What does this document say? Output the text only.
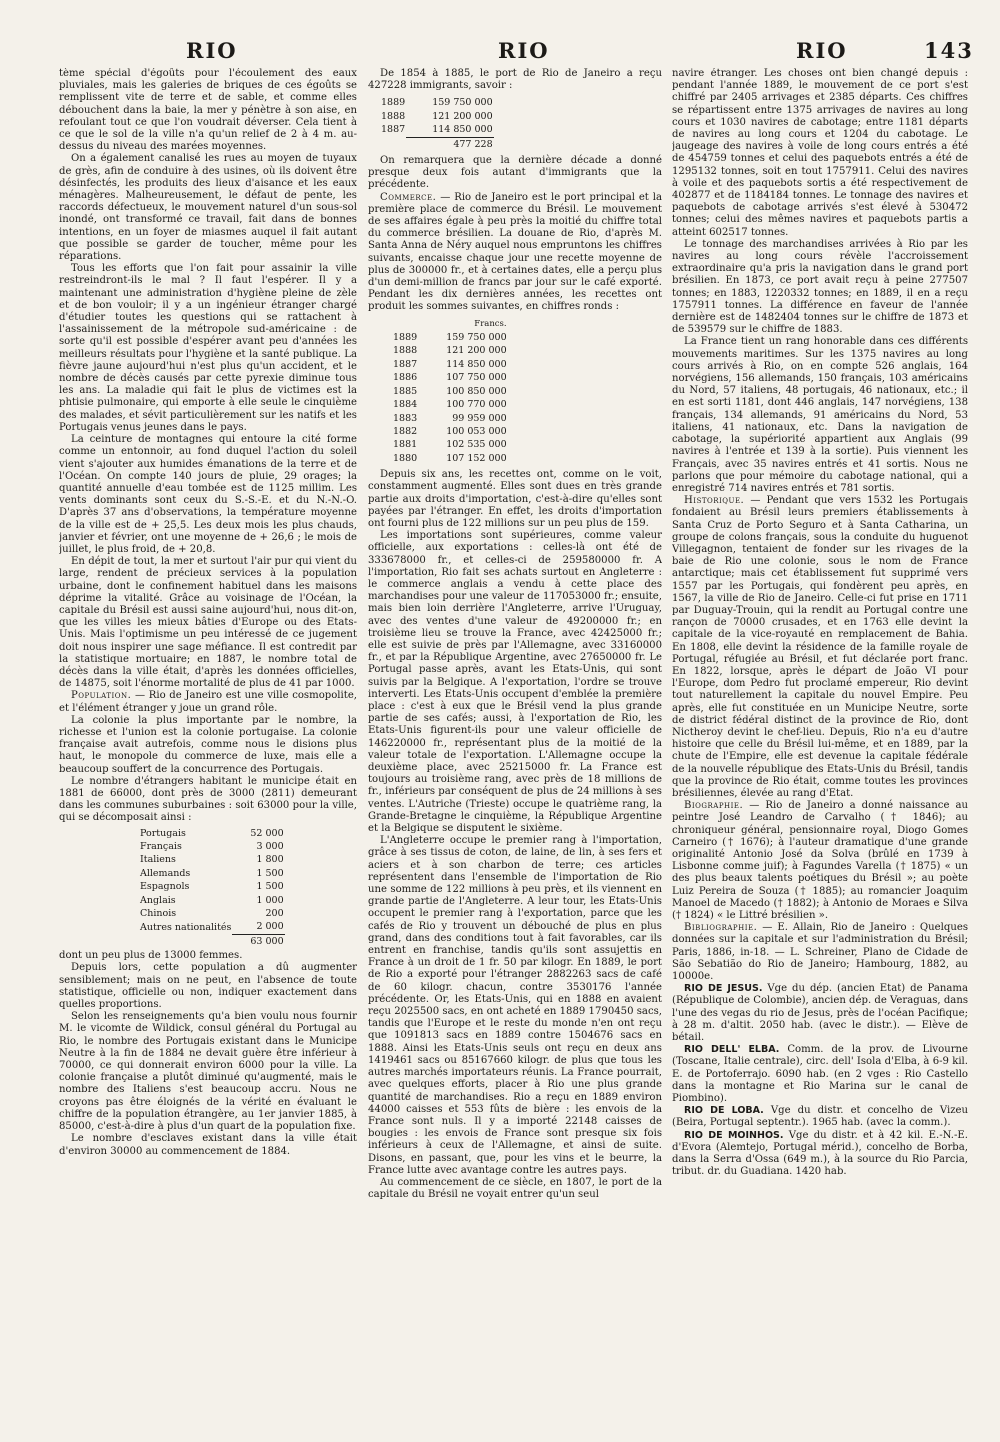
RIO	RIO	RIO	143

tème spécial d'égoûts pour l'écoulement des eaux pluviales, mais les galeries de briques de ces égoûts se remplissent vite de terre et de sable, et comme elles débouchent dans la baie, la mer y pénètre à son aise, en refoulant tout ce que l'on voudrait déverser. Cela tient à ce que le sol de la ville n'a qu'un relief de 2 à 4 m. au-dessus du niveau des marées moyennes.

On a également canalisé les rues au moyen de tuyaux de grès, afin de conduire à des usines, où ils doivent être désinfectés, les produits des lieux d'aisance et les eaux ménagères. Malheureusement, le défaut de pente, les raccords défectueux, le mouvement naturel d'un sous-sol inondé, ont transformé ce travail, fait dans de bonnes intentions, en un foyer de miasmes auquel il fait autant que possible se garder de toucher, même pour les réparations.

Tous les efforts que l'on fait pour assainir la ville restreindront-ils le mal ? Il faut l'espérer. Il y a maintenant une administration d'hygiène pleine de zèle et de bon vouloir; il y a un ingénieur étranger chargé d'étudier toutes les questions qui se rattachent à l'assainissement de la métropole sud-américaine : de sorte qu'il est possible d'espérer avant peu d'années les meilleurs résultats pour l'hygiène et la santé publique. La fièvre jaune aujourd'hui n'est plus qu'un accident, et le nombre de décès causés par cette pyrexie diminue tous les ans. La maladie qui fait le plus de victimes est la phtisie pulmonaire, qui emporte à elle seule le cinquième des malades, et sévit particulièrement sur les natifs et les Portugais venus jeunes dans le pays.

La ceinture de montagnes qui entoure la cité forme comme un entonnoir, au fond duquel l'action du soleil vient s'ajouter aux humides émanations de la terre et de l'Océan. On compte 140 jours de pluie, 29 orages; la quantité annuelle d'eau tombée est de 1125 millim. Les vents dominants sont ceux du S.-S.-E. et du N.-N.-O. D'après 37 ans d'observations, la température moyenne de la ville est de + 25,5. Les deux mois les plus chauds, janvier et février, ont une moyenne de + 26,6 ; le mois de juillet, le plus froid, de + 20,8.

En dépit de tout, la mer et surtout l'air pur qui vient du large, rendent de précieux services à la population urbaine, dont le confinement habituel dans les maisons déprime la vitalité. Grâce au voisinage de l'Océan, la capitale du Brésil est aussi saine aujourd'hui, nous dit-on, que les villes les mieux bâties d'Europe ou des Etats-Unis. Mais l'optimisme un peu intéressé de ce jugement doit nous inspirer une sage méfiance. Il est contredit par la statistique mortuaire; en 1887, le nombre total de décès dans la ville était, d'après les données officielles, de 14875, soit l'énorme mortalité de plus de 41 par 1000.

Population. — Rio de Janeiro est une ville cosmopolite, et l'élément étranger y joue un grand rôle.

La colonie la plus importante par le nombre, la richesse et l'union est la colonie portugaise. La colonie française avait autrefois, comme nous le disions plus haut, le monopole du commerce de luxe, mais elle a beaucoup souffert de la concurrence des Portugais.

Le nombre d'étrangers habitant le municipe était en 1881 de 66000, dont près de 3000 (2811) demeurant dans les communes suburbaines : soit 63000 pour la ville, qui se décomposait ainsi :

Portugais	52 000
Français	3 000
Italiens	1 800
Allemands	1 500
Espagnols	1 500
Anglais	1 000
Chinois	200
Autres nationalités	2 000
	63 000

dont un peu plus de 13000 femmes.

Depuis lors, cette population a dû augmenter sensiblement; mais on ne peut, en l'absence de toute statistique, officielle ou non, indiquer exactement dans quelles proportions.

Selon les renseignements qu'a bien voulu nous fournir M. le vicomte de Wildick, consul général du Portugal au Rio, le nombre des Portugais existant dans le Municipe Neutre à la fin de 1884 ne devait guère être inférieur à 70000, ce qui donnerait environ 6000 pour la ville. La colonie française a plutôt diminué qu'augmenté, mais le nombre des Italiens s'est beaucoup accru. Nous ne croyons pas être éloignés de la vérité en évaluant le chiffre de la population étrangère, au 1er janvier 1885, à 85000, c'est-à-dire à plus d'un quart de la population fixe.

Le nombre d'esclaves existant dans la ville était d'environ 30000 au commencement de 1884.

De 1854 à 1885, le port de Rio de Janeiro a reçu 427228 immigrants, savoir :

1889	159 750 000
1888	121 200 000
1887	114 850 000
	477 228

On remarquera que la dernière décade a donné presque deux fois autant d'immigrants que la précédente.

Commerce. — Rio de Janeiro est le port principal et la première place de commerce du Brésil. Le mouvement de ses affaires égale à peu près la moitié du chiffre total du commerce brésilien. La douane de Rio, d'après M. Santa Anna de Néry auquel nous empruntons les chiffres suivants, encaisse chaque jour une recette moyenne de plus de 300000 fr., et à certaines dates, elle a perçu plus d'un demi-million de francs par jour sur le café exporté. Pendant les dix dernières années, les recettes ont produit les sommes suivantes, en chiffres ronds :

	Francs.
1889	159 750 000
1888	121 200 000
1887	114 850 000
1886	107 750 000
1885	100 850 000
1884	100 770 000
1883	99 959 000
1882	100 053 000
1881	102 535 000
1880	107 152 000

Depuis six ans, les recettes ont, comme on le voit, constamment augmenté. Elles sont dues en très grande partie aux droits d'importation, c'est-à-dire qu'elles sont payées par l'étranger. En effet, les droits d'importation ont fourni plus de 122 millions sur un peu plus de 159.

Les importations sont supérieures, comme valeur officielle, aux exportations : celles-là ont été de 333678000 fr., et celles-ci de 259580000 fr. A l'importation, Rio fait ses achats surtout en Angleterre : le commerce anglais a vendu à cette place des marchandises pour une valeur de 117053000 fr.; ensuite, mais bien loin derrière l'Angleterre, arrive l'Uruguay, avec des ventes d'une valeur de 49200000 fr.; en troisième lieu se trouve la France, avec 42425000 fr.; elle est suivie de près par l'Allemagne, avec 33160000 fr., et par la République Argentine, avec 27650000 fr. Le Portugal passe après, avant les Etats-Unis, qui sont suivis par la Belgique. A l'exportation, l'ordre se trouve interverti. Les Etats-Unis occupent d'emblée la première place : c'est à eux que le Brésil vend la plus grande partie de ses cafés; aussi, à l'exportation de Rio, les Etats-Unis figurent-ils pour une valeur officielle de 146220000 fr., représentant plus de la moitié de la valeur totale de l'exportation. L'Allemagne occupe la deuxième place, avec 25215000 fr. La France est toujours au troisième rang, avec près de 18 millions de fr., inférieurs par conséquent de plus de 24 millions à ses ventes. L'Autriche (Trieste) occupe le quatrième rang, la Grande-Bretagne le cinquième, la République Argentine et la Belgique se disputent le sixième.

L'Angleterre occupe le premier rang à l'importation, grâce à ses tissus de coton, de laine, de lin, à ses fers et aciers et à son charbon de terre; ces articles représentent dans l'ensemble de l'importation de Rio une somme de 122 millions à peu près, et ils viennent en grande partie de l'Angleterre. A leur tour, les Etats-Unis occupent le premier rang à l'exportation, parce que les cafés de Rio y trouvent un débouché de plus en plus grand, dans des conditions tout à fait favorables, car ils entrent en franchise, tandis qu'ils sont assujettis en France à un droit de 1 fr. 50 par kilogr. En 1889, le port de Rio a exporté pour l'étranger 2882263 sacs de café de 60 kilogr. chacun, contre 3530176 l'année précédente. Or, les Etats-Unis, qui en 1888 en avaient reçu 2025500 sacs, en ont acheté en 1889 1790450 sacs, tandis que l'Europe et le reste du monde n'en ont reçu que 1091813 sacs en 1889 contre 1504676 sacs en 1888. Ainsi les Etats-Unis seuls ont reçu en deux ans 1419461 sacs ou 85167660 kilogr. de plus que tous les autres marchés importateurs réunis. La France pourrait, avec quelques efforts, placer à Rio une plus grande quantité de marchandises. Rio a reçu en 1889 environ 44000 caisses et 553 fûts de bière : les envois de la France sont nuls. Il y a importé 22148 caisses de bougies : les envois de France sont presque six fois inférieurs à ceux de l'Allemagne, et ainsi de suite. Disons, en passant, que, pour les vins et le beurre, la France lutte avec avantage contre les autres pays.

Au commencement de ce siècle, en 1807, le port de la capitale du Brésil ne voyait entrer qu'un seul

navire étranger. Les choses ont bien changé depuis : pendant l'année 1889, le mouvement de ce port s'est chiffré par 2405 arrivages et 2385 départs. Ces chiffres se répartissent entre 1375 arrivages de navires au long cours et 1030 navires de cabotage; entre 1181 départs de navires au long cours et 1204 du cabotage. Le jaugeage des navires à voile de long cours entrés a été de 454759 tonnes et celui des paquebots entrés a été de 1295132 tonnes, soit en tout 1757911. Celui des navires à voile et des paquebots sortis a été respectivement de 402877 et de 1184184 tonnes. Le tonnage des navires et paquebots de cabotage arrivés s'est élevé à 530472 tonnes; celui des mêmes navires et paquebots partis a atteint 602517 tonnes.

Le tonnage des marchandises arrivées à Rio par les navires au long cours révèle l'accroissement extraordinaire qu'a pris la navigation dans le grand port brésilien. En 1873, ce port avait reçu à peine 277507 tonnes; en 1883, 1220332 tonnes; en 1889, il en a reçu 1757911 tonnes. La différence en faveur de l'année dernière est de 1482404 tonnes sur le chiffre de 1873 et de 539579 sur le chiffre de 1883.

La France tient un rang honorable dans ces différents mouvements maritimes. Sur les 1375 navires au long cours arrivés à Rio, on en compte 526 anglais, 164 norvégiens, 156 allemands, 150 français, 103 américains du Nord, 57 italiens, 48 portugais, 46 nationaux, etc.; il en est sorti 1181, dont 446 anglais, 147 norvégiens, 138 français, 134 allemands, 91 américains du Nord, 53 italiens, 41 nationaux, etc. Dans la navigation de cabotage, la supériorité appartient aux Anglais (99 navires à l'entrée et 139 à la sortie). Puis viennent les Français, avec 35 navires entrés et 41 sortis. Nous ne parlons que pour mémoire du cabotage national, qui a enregistré 714 navires entrés et 781 sortis.

Historique. — Pendant que vers 1532 les Portugais fondaient au Brésil leurs premiers établissements à Santa Cruz de Porto Seguro et à Santa Catharina, un groupe de colons français, sous la conduite du huguenot Villegagnon, tentaient de fonder sur les rivages de la baie de Rio une colonie, sous le nom de France antarctique; mais cet établissement fut supprimé vers 1557 par les Portugais, qui fondèrent peu après, en 1567, la ville de Rio de Janeiro. Celle-ci fut prise en 1711 par Duguay-Trouin, qui la rendit au Portugal contre une rançon de 70000 crusades, et en 1763 elle devint la capitale de la vice-royauté en remplacement de Bahia. En 1808, elle devint la résidence de la famille royale de Portugal, réfugiée au Brésil, et fut déclarée port franc. En 1822, lorsque, après le départ de João VI pour l'Europe, dom Pedro fut proclamé empereur, Rio devint tout naturellement la capitale du nouvel Empire. Peu après, elle fut constituée en un Municipe Neutre, sorte de district fédéral distinct de la province de Rio, dont Nictheroy devint le chef-lieu. Depuis, Rio n'a eu d'autre histoire que celle du Brésil lui-même, et en 1889, par la chute de l'Empire, elle est devenue la capitale fédérale de la nouvelle république des Etats-Unis du Brésil, tandis que la province de Rio était, comme toutes les provinces brésiliennes, élevée au rang d'Etat.

Biographie. — Rio de Janeiro a donné naissance au peintre José Leandro de Carvalho († 1846); au chroniqueur général, pensionnaire royal, Diogo Gomes Carneiro († 1676); à l'auteur dramatique d'une grande originalité Antonio José da Solva (brûlé en 1739 à Lisbonne comme juif); à Fagundes Varella († 1875) « un des plus beaux talents poétiques du Brésil »; au poète Luiz Pereira de Souza († 1885); au romancier Joaquim Manoel de Macedo († 1882); à Antonio de Moraes e Silva († 1824) « le Littré brésilien ».

Bibliographie. — E. Allain, Rio de Janeiro : Quelques données sur la capitale et sur l'administration du Brésil; Paris, 1886, in-18. — L. Schreiner, Plano de Cidade de São Sebatião do Rio de Janeiro; Hambourg, 1882, au 10000e.

RIO DE JESUS. Vge du dép. (ancien Etat) de Panama (République de Colombie), ancien dép. de Veraguas, dans l'une des vegas du rio de Jesus, près de l'océan Pacifique; à 28 m. d'altit. 2050 hab. (avec le distr.). — Elève de bétail.

RIO DELL' ELBA. Comm. de la prov. de Livourne (Toscane, Italie centrale), circ. dell' Isola d'Elba, à 6-9 kil. E. de Portoferrajo. 6090 hab. (en 2 vges : Rio Castello dans la montagne et Rio Marina sur le canal de Piombino).

RIO DE LOBA. Vge du distr. et concelho de Vizeu (Beira, Portugal septentr.). 1965 hab. (avec la comm.).

RIO DE MOINHOS. Vge du distr. et à 42 kil. E.-N.-E. d'Evora (Alemtejo, Portugal mérid.), concelho de Borba, dans la Serra d'Ossa (649 m.), à la source du Rio Parcia, tribut. dr. du Guadiana. 1420 hab.
